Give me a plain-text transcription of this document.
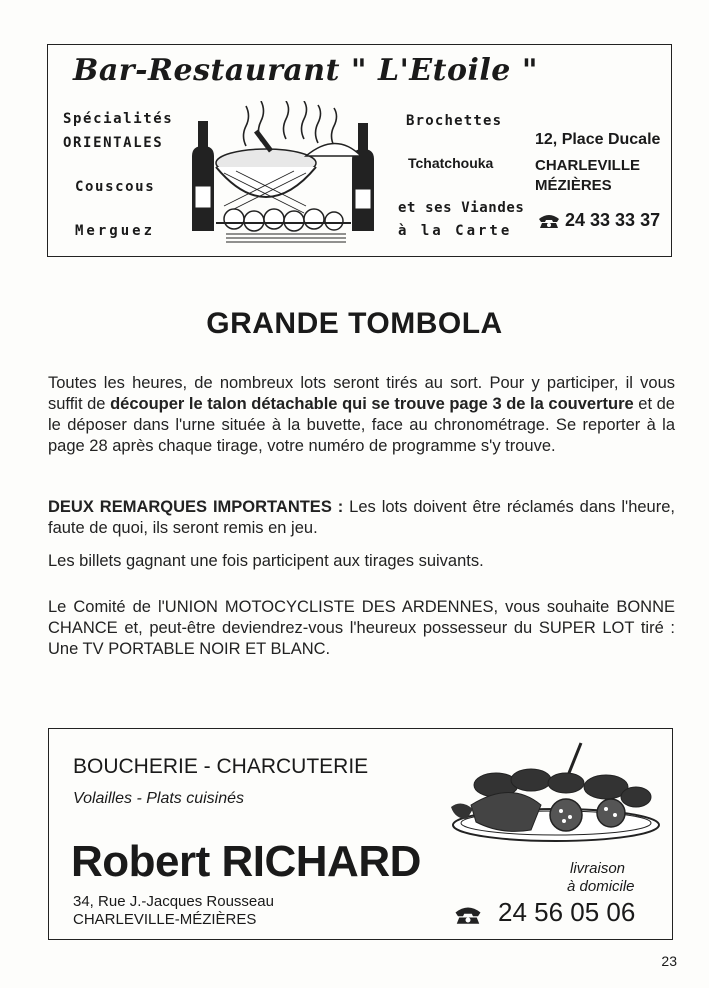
Bar-Restaurant " L'Etoile "
Spécialités
ORIENTALES
Couscous
Merguez
Brochettes
Tchatchouka
et ses Viandes
à la Carte
12, Place Ducale
CHARLEVILLE
MÉZIÈRES
24 33 33 37
GRANDE TOMBOLA
Toutes les heures, de nombreux lots seront tirés au sort. Pour y participer, il vous suffit de découper le talon détachable qui se trouve page 3 de la couverture et de le déposer dans l'urne située à la buvette, face au chronométrage. Se reporter à la page 28 après chaque tirage, votre numéro de programme s'y trouve.
DEUX REMARQUES IMPORTANTES : Les lots doivent être réclamés dans l'heure, faute de quoi, ils seront remis en jeu.
Les billets gagnant une fois participent aux tirages suivants.
Le Comité de l'UNION MOTOCYCLISTE DES ARDENNES, vous souhaite BONNE CHANCE et, peut-être deviendrez-vous l'heureux possesseur du SUPER LOT tiré : Une TV PORTABLE NOIR ET BLANC.
BOUCHERIE - CHARCUTERIE
Volailles - Plats cuisinés
Robert RICHARD	livraison
à domicile
34, Rue J.-Jacques Rousseau
CHARLEVILLE-MÉZIÈRES	24 56 05 06
23
